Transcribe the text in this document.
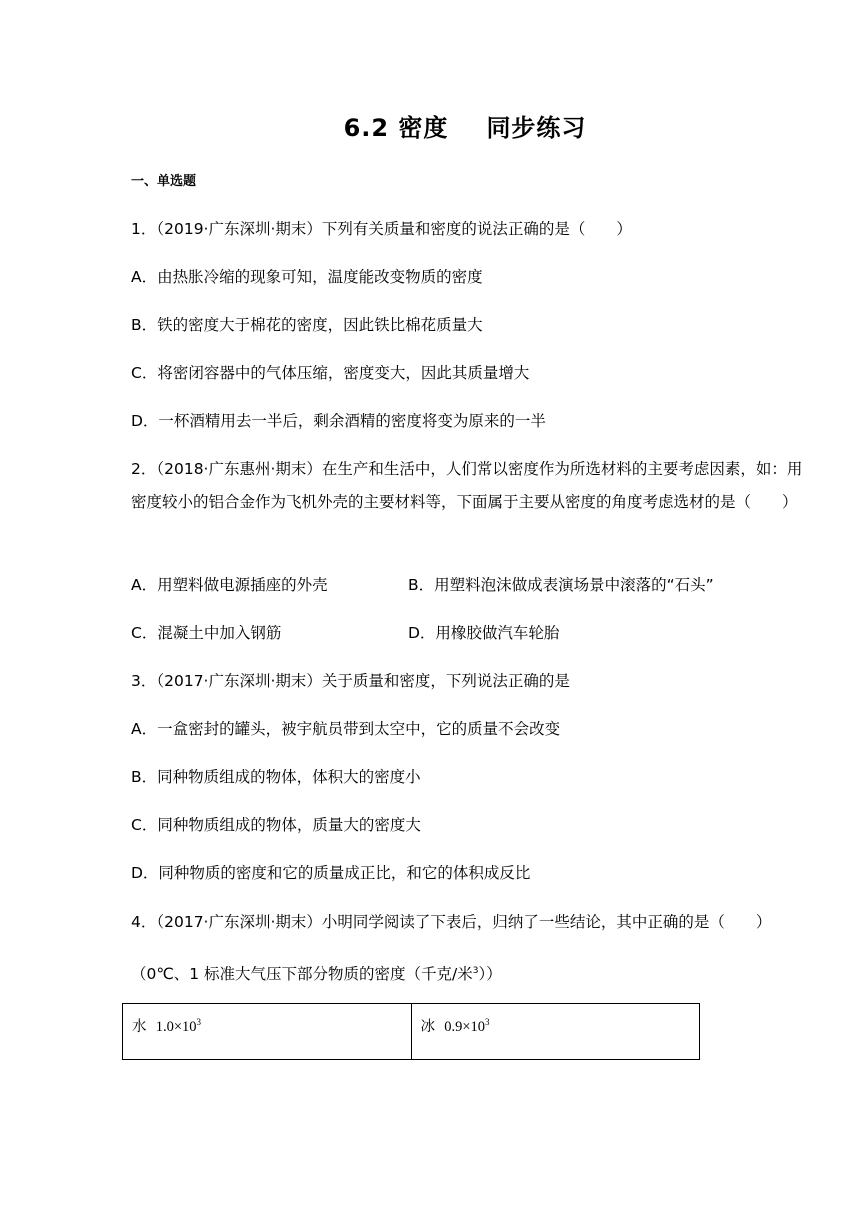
6.2 密度 同步练习
一、单选题
1．（2019·广东深圳·期末）下列有关质量和密度的说法正确的是（　　）
A．由热胀冷缩的现象可知，温度能改变物质的密度
B．铁的密度大于棉花的密度，因此铁比棉花质量大
C．将密闭容器中的气体压缩，密度变大，因此其质量增大
D．一杯酒精用去一半后，剩余酒精的密度将变为原来的一半
2．（2018·广东惠州·期末）在生产和生活中，人们常以密度作为所选材料的主要考虑因素，如：用密度较小的铝合金作为飞机外壳的主要材料等，下面属于主要从密度的角度考虑选材的是（　　）
A．用塑料做电源插座的外壳	B．用塑料泡沫做成表演场景中滚落的“石头”
C．混凝土中加入钢筋	D．用橡胶做汽车轮胎
3．（2017·广东深圳·期末）关于质量和密度，下列说法正确的是
A．一盒密封的罐头，被宇航员带到太空中，它的质量不会改变
B．同种物质组成的物体，体积大的密度小
C．同种物质组成的物体，质量大的密度大
D．同种物质的密度和它的质量成正比，和它的体积成反比
4．（2017·广东深圳·期末）小明同学阅读了下表后，归纳了一些结论，其中正确的是（　　）
（0℃、1 标准大气压下部分物质的密度（千克/米$^3$））
水 $1.0\times 10^3$	冰 $0.9\times 10^3$
